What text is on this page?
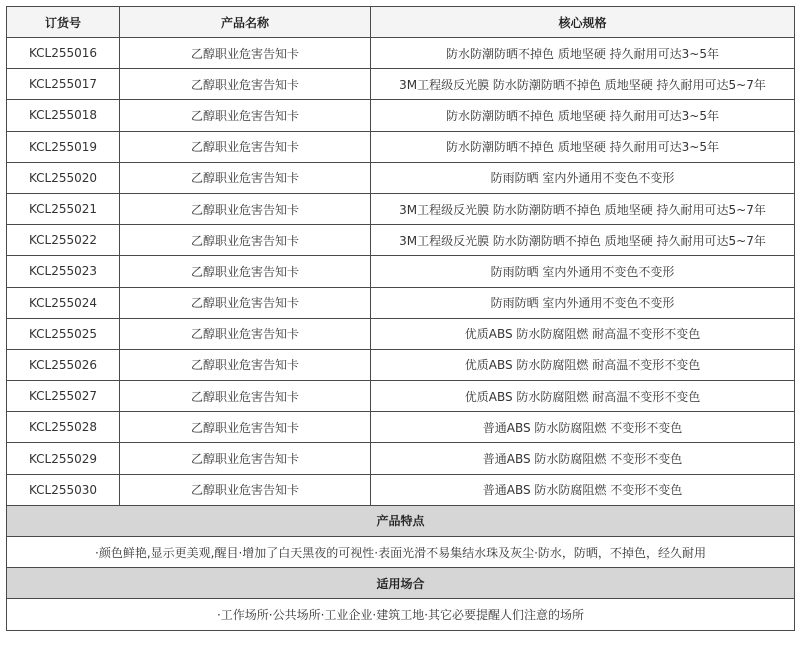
订货号	产品名称	核心规格
KCL255016	乙醇职业危害告知卡	防水防潮防晒不掉色 质地坚硬 持久耐用可达3~5年
KCL255017	乙醇职业危害告知卡	3M工程级反光膜 防水防潮防晒不掉色 质地坚硬 持久耐用可达5~7年
KCL255018	乙醇职业危害告知卡	防水防潮防晒不掉色 质地坚硬 持久耐用可达3~5年
KCL255019	乙醇职业危害告知卡	防水防潮防晒不掉色 质地坚硬 持久耐用可达3~5年
KCL255020	乙醇职业危害告知卡	防雨防晒 室内外通用不变色不变形
KCL255021	乙醇职业危害告知卡	3M工程级反光膜 防水防潮防晒不掉色 质地坚硬 持久耐用可达5~7年
KCL255022	乙醇职业危害告知卡	3M工程级反光膜 防水防潮防晒不掉色 质地坚硬 持久耐用可达5~7年
KCL255023	乙醇职业危害告知卡	防雨防晒 室内外通用不变色不变形
KCL255024	乙醇职业危害告知卡	防雨防晒 室内外通用不变色不变形
KCL255025	乙醇职业危害告知卡	优质ABS 防水防腐阻燃 耐高温不变形不变色
KCL255026	乙醇职业危害告知卡	优质ABS 防水防腐阻燃 耐高温不变形不变色
KCL255027	乙醇职业危害告知卡	优质ABS 防水防腐阻燃 耐高温不变形不变色
KCL255028	乙醇职业危害告知卡	普通ABS 防水防腐阻燃 不变形不变色
KCL255029	乙醇职业危害告知卡	普通ABS 防水防腐阻燃 不变形不变色
KCL255030	乙醇职业危害告知卡	普通ABS 防水防腐阻燃 不变形不变色
产品特点		
·颜色鲜艳,显示更美观,醒目·增加了白天黑夜的可视性·表面光滑不易集结水珠及灰尘·防水，防晒，不掉色，经久耐用		
适用场合		
·工作场所·公共场所·工业企业·建筑工地·其它必要提醒人们注意的场所		
